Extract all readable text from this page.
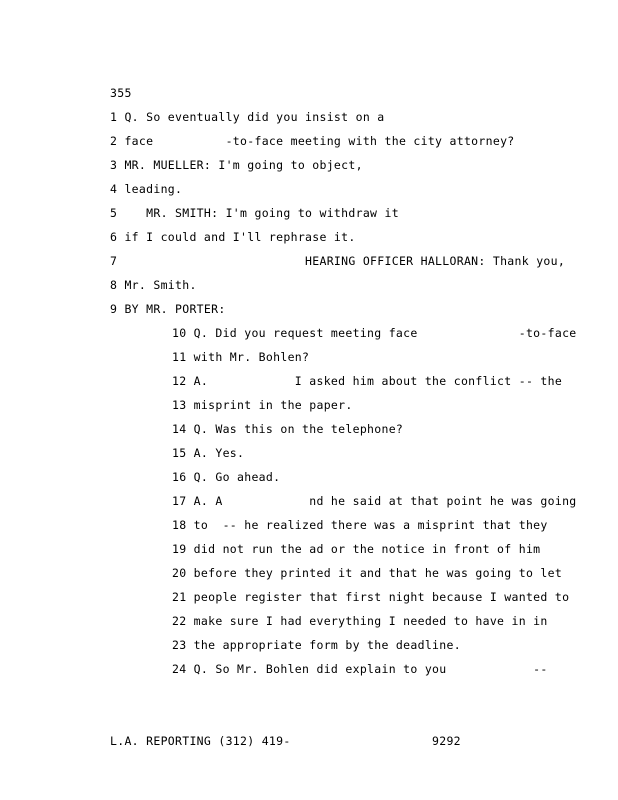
355
1 Q. So eventually did you insist on a
2 face          -to-face meeting with the city attorney?
3 MR. MUELLER: I'm going to object,
4 leading.
5    MR. SMITH: I'm going to withdraw it
6 if I could and I'll rephrase it.
7                          HEARING OFFICER HALLORAN: Thank you,
8 Mr. Smith.
9 BY MR. PORTER:
10 Q. Did you request meeting face              -to-face
11 with Mr. Bohlen?
12 A.            I asked him about the conflict -- the
13 misprint in the paper.
14 Q. Was this on the telephone?
15 A. Yes.
16 Q. Go ahead.
17 A. A            nd he said at that point he was going
18 to  -- he realized there was a misprint that they
19 did not run the ad or the notice in front of him
20 before they printed it and that he was going to let
21 people register that first night because I wanted to
22 make sure I had everything I needed to have in in
23 the appropriate form by the deadline.
24 Q. So Mr. Bohlen did explain to you            --
L.A. REPORTING (312) 419-	9292
